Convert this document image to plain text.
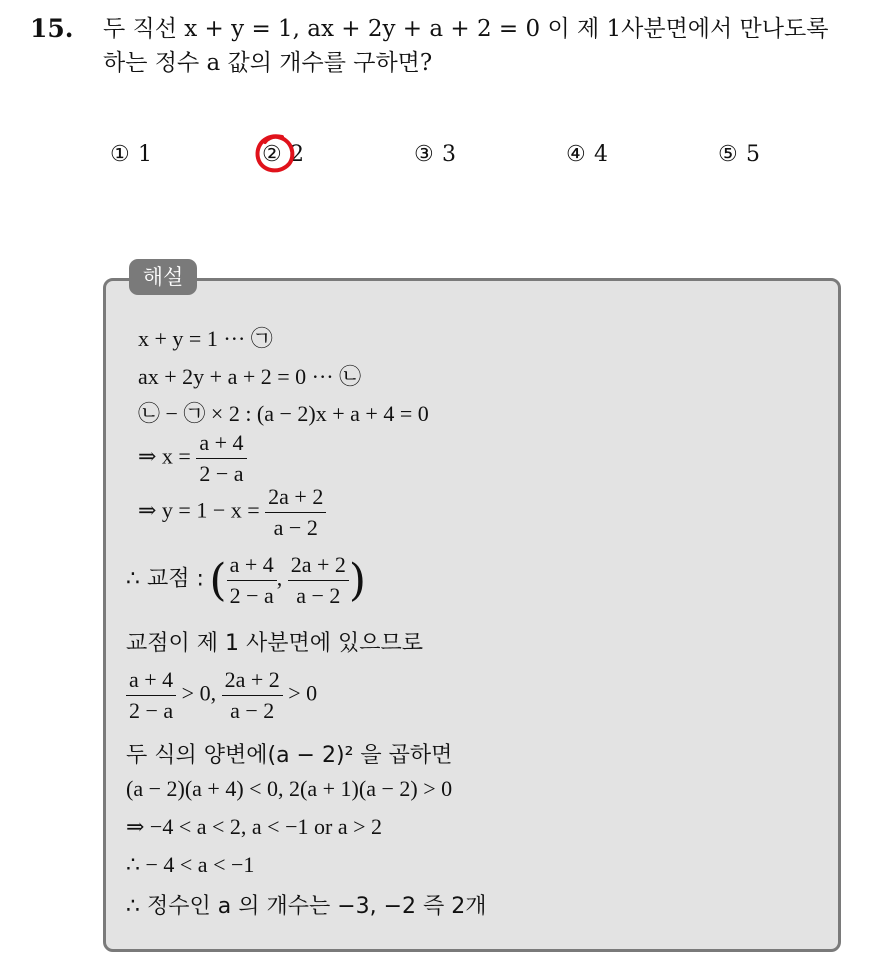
15. 두 직선 x + y = 1, ax + 2y + a + 2 = 0 이 제 1사분면에서 만나도록
하는 정수 a 값의 개수를 구하면?
① 1	② 2	③ 3	④ 4	⑤ 5
해설
x + y = 1 ··· ㉠
ax + 2y + a + 2 = 0 ··· ㉡
㉡ − ㉠ × 2 : (a − 2)x + a + 4 = 0
⇒ $x = \frac{a + 4}{2 - a}$
⇒ $y = 1 - x = \frac{2a + 2}{a - 2}$
∴ 교점 : ( $\frac{a + 4}{2 - a}$ , $\frac{2a + 2}{a - 2}$ )
교점이 제 1 사분면에 있으므로
$\frac{a + 4}{2 - a} > 0$, $\frac{2a + 2}{a - 2} > 0$
두 식의 양변에(a − 2)² 을 곱하면
(a − 2)(a + 4) < 0, 2(a + 1)(a − 2) > 0
⇒ −4 < a < 2, a < −1 or a > 2
∴ − 4 < a < −1
∴ 정수인 a 의 개수는 −3, −2 즉 2개
